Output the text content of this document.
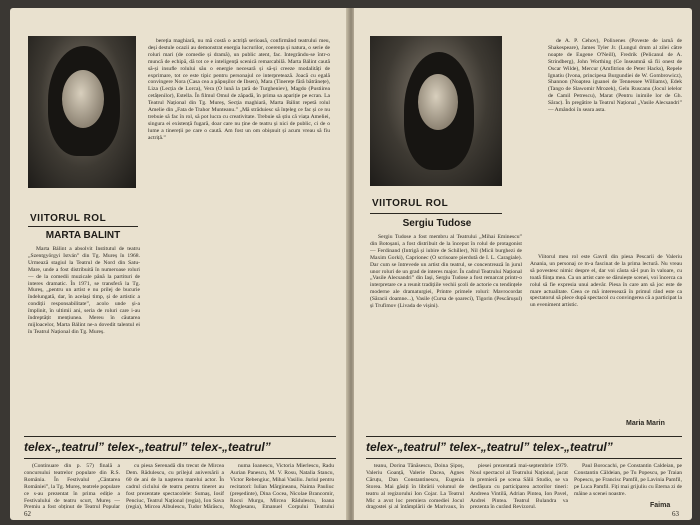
VIITORUL ROL
MARTA BALINT

Marta Bálint a absolvit Institutul de teatru „Szentgyörgyi István” din Tg. Mureș în 1968. Urmează stagiul la Teatrul de Nord din Satu-Mare, unde a fost distribuită în numeroase roluri — de la comedii muzicale până la partituri de interes dramatic. În 1971, se transferă la Tg. Mureș, „pentru un artist e nu prilej de bucurie îndelungată, dar, în același timp, și de artistic a condiții responsabilitate”, acolo unde și-a împlinit, în ultimii ani, seria de roluri care i-au îndreptățit mențiunea. Mereu în căutarea mijloacelor, Marta Bálint ne-a dovedit talentul ei în Teatrul Național din Tg. Mureș.

bereția maghiară, nu mă costă o actriță serioasă, confirmând teatrului meu, deși destule ocazii au demonstrat energia lucrurilor, coerența și natura, o serie de roluri mari (de comedie și dramă), un public atent, fac. Integrându-se într-o muncă de echipă, dă tot ce e inteligență scenică remarcabilă. Marta Bálint caută să-și insuﬂe rolului său o energie necesară și să-și creeze modalități de exprimare, tot ce este tipic pentru personajul ce interpretează. Joacă cu egală convingere Nora (Casa cea a păpușilor de Ibsen), Mara (Tinerețe fără bătrânețe), Liza (Lecția de Lorca), Vera (O lună la țară de Turgheniev), Magdo (Pustiirea cetățenilor), Estella. În filmul Omul de zăpadă, în prima sa apariție pe ecran. La Teatrul Național din Tg. Mureș, Secția maghiară, Marta Bálint repetă rolul Amelie din „Fata de Trahor Munteanu.” „Mă străduiesc să înțeleg ce fac și ce nu trebuie să fac în rol, să pot lucra cu creativitate. Trebuie să știu că viața Ameliei, singura ei existență fugară, doar care nu ține de teatru și nici de public, ci de o lume a tinereții pe care o caută. Am fost un om obișnuit și acum vreau să fiu actriță.”

telex-„teatrul” telex-„teatrul” telex-„teatrul”

(Continuare din p. 57) finală a concursului teatrelor populare din R.S. România. În Festivalul „Cântarea României”, la Tg. Mureș, teatrele populare ce s-au prezentat în prima ediție a Festivalului de teatru scurt, Mureș — Premiu a fost obținut de Teatrul Popular

cu piesa Serenadă din trecut de Mircea Dem. Rădulescu, cu prilejul aniversării a 60 de ani de la nașterea marelui actor. În cadrul ciclului de teatru pentru tineret au fost prezentate spectacolele: Sumaș, Iosif Penciuc, Teatrul Național (regia), Ion Sava (regia), Mircea Albulescu, Tudor Mărăscu,

numa Ioanescu, Victoria Mierlescu, Radu Aurian Panescu, M. V. Rosu, Natalia Stancu, Victor Rebengiuc, Mihai Vasiliu. Juriul pentru recitatori: Iulian Mărgineanu, Naima Pauliuc (președinte), Dina Cocea, Nicolae Brancomir, Rocsi Murgu, Mircea Rădulescu, Ioana Moglesanu, Emanuel Corpului Teatrului

62
VIITORUL ROL

de A. P. Cehov), Polixenes (Poveste de iarnă de Shakespeare), James Tyler Jr. (Lungul drum al zilei către noapte de Eugene O'Neill), Fredrik (Pelicanul de A. Strindberg), John Worthing (Ce înseamnă să fii onest de Oscar Wilde), Mercur (Amfitrion de Peter Hacks), Repele Ignatiu (Ivona, principesa Burgundiei de W. Gombrowicz), Shannon (Noaptea iguanei de Tennessee Williams), Edek (Tango de Slawomir Mrozek), Gelu Ruscanu (Jocul ielelor de Camil Petrescu), Marat (Pentru inimile lor de Gh. Sărac). În pregătire la Teatrul Național „Vasile Alecsandri” — Amândoi în seara asta.

Sergiu Tudose

Sergiu Tudose a fost membru al Teatrului „Mihai Eminescu” din Botoșani, a fost distribuit de la început în rolul de protagonist — Ferdinand (Intrigă și iubire de Schiller), Nil (Micii burghezi de Maxim Gorki), Caprionec (O scrisoare pierdută de I. L. Caragiale). Dar cum se întrevede un artist din teatrul, se concentrează în jurul unor roluri de un grad de interes major. În cadrul Teatrului Național „Vasile Alecsandri” din Iași, Sergiu Tudose a fost remarcat printr-o interpretare ce a reunit tradițiile vechii școli de actorie cu tendințele moderne ale dramaturgiei, Printre primele roluri: Mavrocordat (Săracii doamne...), Vasile (Cursa de șoareci), Tigorin (Pescărușul) și Trufimov (Livada de vișini).

Viitorul meu rol este Gavril din piesa Pescarii de Valeriu Anania, un personaj ce m-a fascinat de la prima lectură. Nu vreau să povestesc nimic despre el, dar voi căuta să-l pun în valoare, cu toată ființa mea. Ca un artist care se dăruiește scenei, voi încerca ca rolul să fie expresia unui adevăr. Piesa în care am să joc este de mare actualitate. Ceea ce mă interesează în primul rând este ca spectatorul să plece după spectacol cu convingerea că a participat la un eveniment artistic.

Maria Marin
telex-„teatrul” telex-„teatrul” telex-„teatrul”

teanu, Dorina Tănăsescu, Doina Șipoș, Valeriu Goanță, Valerie Dacea, Agnes Căruțu, Dan Constantinescu, Eugenia Storea. Mai găsiți în librării volumul de teatru al regizorului Ion Cojar. La Teatrul Mic a avut loc premiera comediei Jocul dragostei și al întâmplării de Marivaux, în

piesei prezentată mai-septembrie 1979. Noul spectacol al Teatrului Național, jucat în premieră pe scena Sălii Studio, se va desfășura cu participarea actorilor tineri: Andreea Vintilă, Adrian Pintea, Ion Pavel, Andrei Pintea. Teatrul Bulandra va prezenta în curând Revizorul.

Paul Borocachi, pe Constantin Caldeian, pe Constantin Căldeian, pe Tu Popescu, pe Traian Popescu, pe Francisc Pamfil, pe Lavinia Pamfil, pe Luca Pamfil. Fiți mai grijuliu cu Eterna zi de mâine a scenei noastre.

Faima
63
